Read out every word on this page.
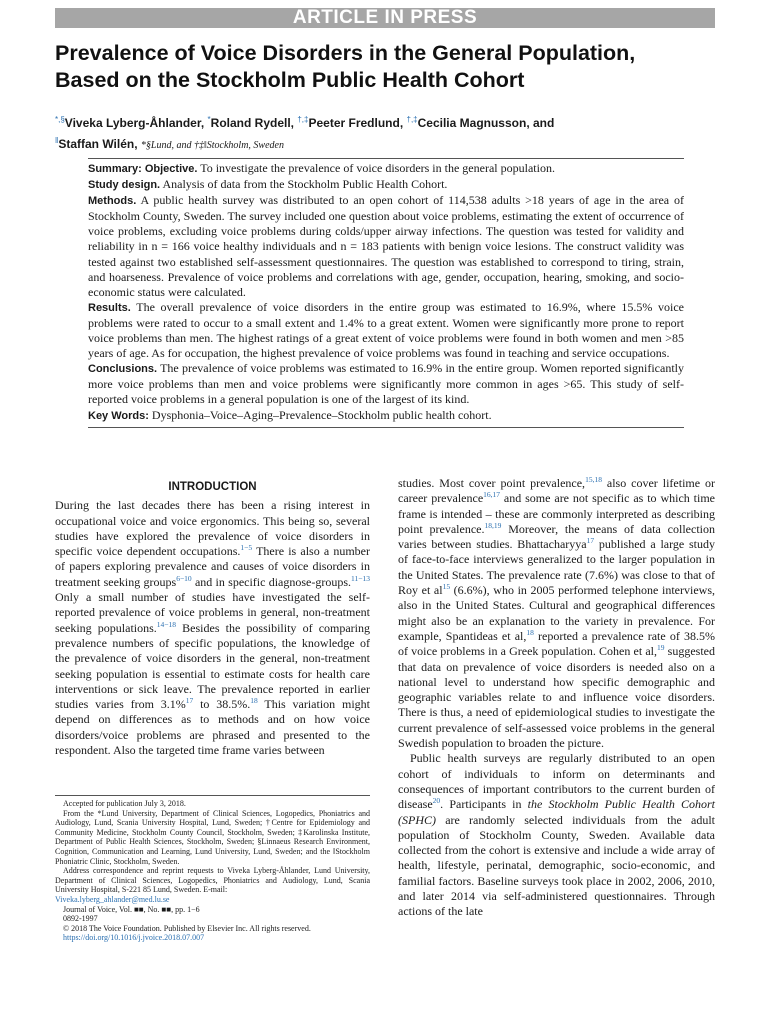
ARTICLE IN PRESS
Prevalence of Voice Disorders in the General Population,
Based on the Stockholm Public Health Cohort
*,§Viveka Lyberg-Åhlander, *Roland Rydell, †,‡Peeter Fredlund, †,‡Cecilia Magnusson, and
‖Staffan Wilén, *§Lund, and †‡‖Stockholm, Sweden

Summary: Objective. To investigate the prevalence of voice disorders in the general population.

Study design. Analysis of data from the Stockholm Public Health Cohort.

Methods. A public health survey was distributed to an open cohort of 114,538 adults >18 years of age in the area of Stockholm County, Sweden. The survey included one question about voice problems, estimating the extent of occurrence of voice problems, excluding voice problems during colds/upper airway infections. The question was tested for validity and reliability in n = 166 voice healthy individuals and n = 183 patients with benign voice lesions. The construct validity was tested against two established self-assessment questionnaires. The question was established to correspond to tiring, strain, and hoarseness. Prevalence of voice problems and correlations with age, gender, occupation, hearing, smoking, and socio-economic status were calculated.

Results. The overall prevalence of voice disorders in the entire group was estimated to 16.9%, where 15.5% voice problems were rated to occur to a small extent and 1.4% to a great extent. Women were significantly more prone to report voice problems than men. The highest ratings of a great extent of voice problems were found in both women and men >85 years of age. As for occupation, the highest prevalence of voice problems was found in teaching and service occupations.

Conclusions. The prevalence of voice problems was estimated to 16.9% in the entire group. Women reported significantly more voice problems than men and voice problems were significantly more common in ages >65. This study of self-reported voice problems in a general population is one of the largest of its kind.

Key Words: Dysphonia–Voice–Aging–Prevalence–Stockholm public health cohort.

INTRODUCTION

During the last decades there has been a rising interest in occupational voice and voice ergonomics. This being so, several studies have explored the prevalence of voice disorders in specific voice dependent occupations.$^{1-5}$ There is also a number of papers exploring prevalence and causes of voice disorders in treatment seeking groups$^{6-10}$ and in specific diagnose-groups.$^{11-13}$ Only a small number of studies have investigated the self-reported prevalence of voice problems in general, non-treatment seeking populations.$^{14-18}$ Besides the possibility of comparing prevalence numbers of specific populations, the knowledge of the prevalence of voice disorders in the general, non-treatment seeking population is essential to estimate costs for health care interventions or sick leave. The prevalence reported in earlier studies varies from 3.1%$^{17}$ to 38.5%.$^{18}$ This variation might depend on differences as to methods and on how voice disorders/voice problems are phrased and presented to the respondent. Also the targeted time frame varies between

Accepted for publication July 3, 2018.

From the *Lund University, Department of Clinical Sciences, Logopedics, Phoniatrics and Audiology, Lund, Scania University Hospital, Lund, Sweden; †Centre for Epidemiology and Community Medicine, Stockholm County Council, Stockholm, Sweden; ‡Karolinska Institute, Department of Public Health Sciences, Stockholm, Sweden; §Linnaeus Research Environment, Cognition, Communication and Learning, Lund University, Lund, Sweden; and the ‖Stockholm Phoniatric Clinic, Stockholm, Sweden.

Address correspondence and reprint requests to Viveka Lyberg-Åhlander, Lund University, Department of Clinical Sciences, Logopedics, Phoniatrics and Audiology, Lund, Scania University Hospital, S-221 85 Lund, Sweden. E-mail:

Viveka.lyberg_ahlander@med.lu.se

Journal of Voice, Vol. ■■, No. ■■, pp. 1−6

0892-1997

© 2018 The Voice Foundation. Published by Elsevier Inc. All rights reserved.

https://doi.org/10.1016/j.jvoice.2018.07.007

studies. Most cover point prevalence,$^{15,18}$ also cover lifetime or career prevalence$^{16,17}$ and some are not specific as to which time frame is intended – these are commonly interpreted as describing point prevalence.$^{18,19}$ Moreover, the means of data collection varies between studies. Bhattacharyya$^{17}$ published a large study of face-to-face interviews generalized to the larger population in the United States. The prevalence rate (7.6%) was close to that of Roy et $al^{15}$ (6.6%), who in 2005 performed telephone interviews, also in the United States. Cultural and geographical differences might also be an explanation to the variety in prevalence. For example, Spantideas et al,$^{18}$ reported a prevalence rate of 38.5% of voice problems in a Greek population. Cohen et al,$^{19}$ suggested that data on prevalence of voice disorders is needed also on a national level to understand how specific demographic and geographic variables relate to and influence voice disorders. There is thus, a need of epidemiological studies to investigate the current prevalence of self-assessed voice problems in the general Swedish population to broaden the picture.

Public health surveys are regularly distributed to an open cohort of individuals to inform on determinants and consequences of important contributors to the current burden of disease$^{20}$. Participants in the Stockholm Public Health Cohort (SPHC) are randomly selected individuals from the adult population of Stockholm County, Sweden. Available data collected from the cohort is extensive and include a wide array of health, lifestyle, perinatal, demographic, socio-economic, and familial factors. Baseline surveys took place in 2002, 2006, 2010, and later 2014 via self-administered questionnaires. Through actions of the late
